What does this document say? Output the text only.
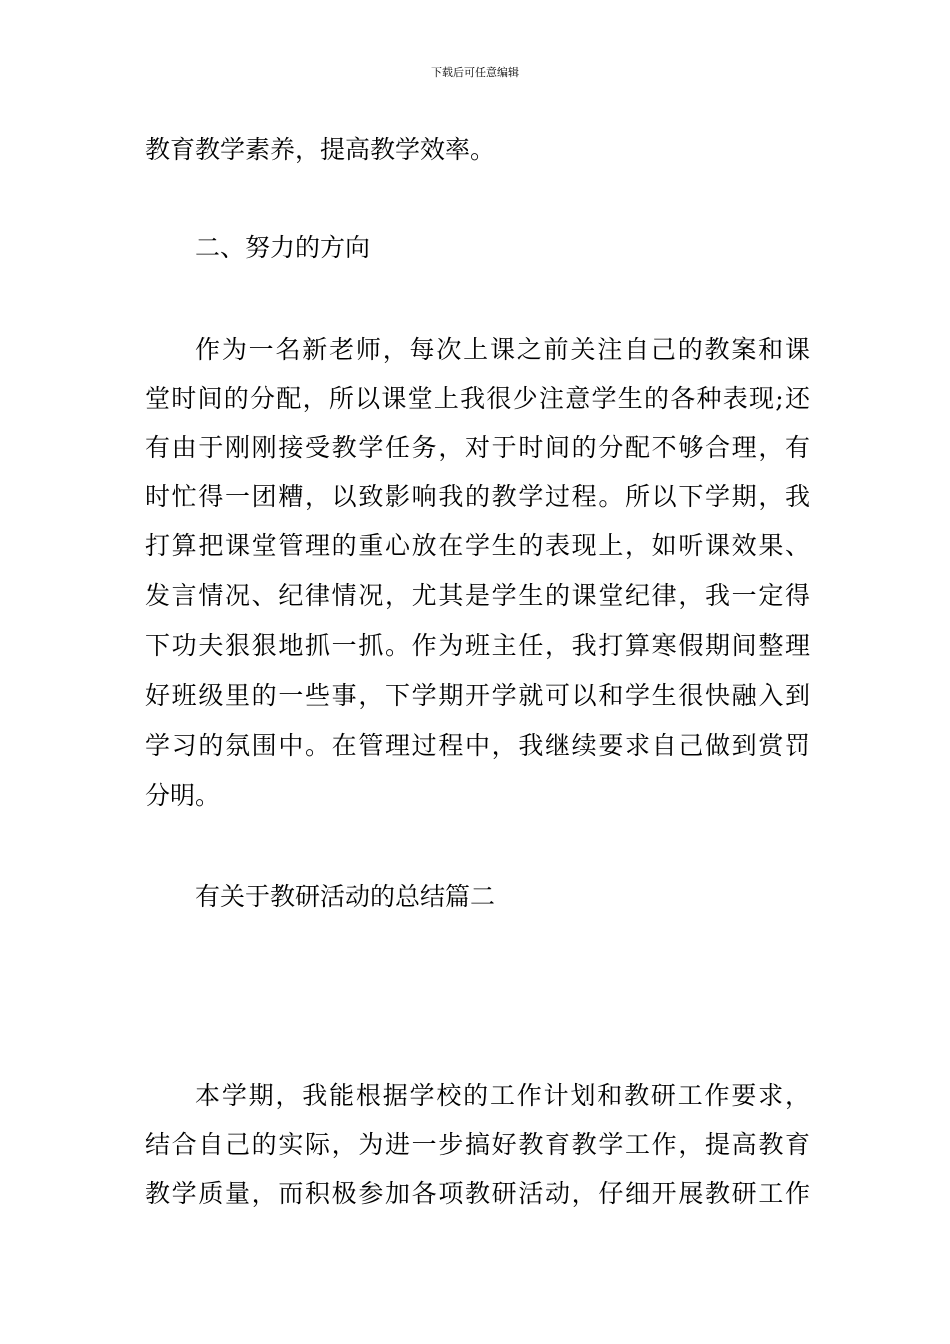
下载后可任意编辑
教育教学素养，提高教学效率。
二、努力的方向
作为一名新老师，每次上课之前关注自己的教案和课
堂时间的分配，所以课堂上我很少注意学生的各种表现;还
有由于刚刚接受教学任务，对于时间的分配不够合理，有
时忙得一团糟，以致影响我的教学过程。所以下学期，我
打算把课堂管理的重心放在学生的表现上，如听课效果、
发言情况、纪律情况，尤其是学生的课堂纪律，我一定得
下功夫狠狠地抓一抓。作为班主任，我打算寒假期间整理
好班级里的一些事，下学期开学就可以和学生很快融入到
学习的氛围中。在管理过程中，我继续要求自己做到赏罚
分明。
有关于教研活动的总结篇二
本学期，我能根据学校的工作计划和教研工作要求，
结合自己的实际，为进一步搞好教育教学工作，提高教育
教学质量，而积极参加各项教研活动，仔细开展教研工作
